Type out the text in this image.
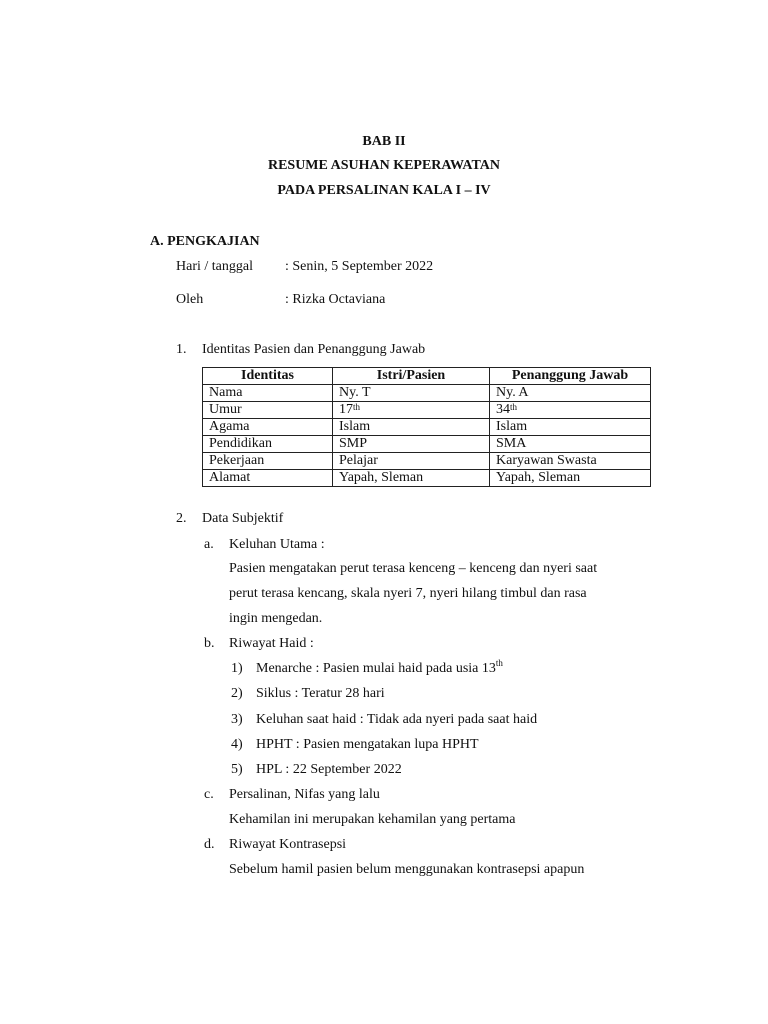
BAB II
RESUME ASUHAN KEPERAWATAN
PADA PERSALINAN KALA I – IV
A. PENGKAJIAN
Hari / tanggal : Senin, 5 September 2022
Oleh	: Rizka Octaviana
1. Identitas Pasien dan Penanggung Jawab
Identitas	Istri/Pasien	Penanggung Jawab
Nama	Ny. T	Ny. A
Umur	17th	34th
Agama	Islam	Islam
Pendidikan	SMP	SMA
Pekerjaan	Pelajar	Karyawan Swasta
Alamat	Yapah, Sleman	Yapah, Sleman
2. Data Subjektif
a. Keluhan Utama :
Pasien mengatakan perut terasa kenceng – kenceng dan nyeri saat
perut terasa kencang, skala nyeri 7, nyeri hilang timbul dan rasa
ingin mengedan.
b. Riwayat Haid :
1) Menarche : Pasien mulai haid pada usia 13th
2) Siklus : Teratur 28 hari
3) Keluhan saat haid : Tidak ada nyeri pada saat haid
4) HPHT : Pasien mengatakan lupa HPHT
5) HPL : 22 September 2022
c. Persalinan, Nifas yang lalu
Kehamilan ini merupakan kehamilan yang pertama
d. Riwayat Kontrasepsi
Sebelum hamil pasien belum menggunakan kontrasepsi apapun
